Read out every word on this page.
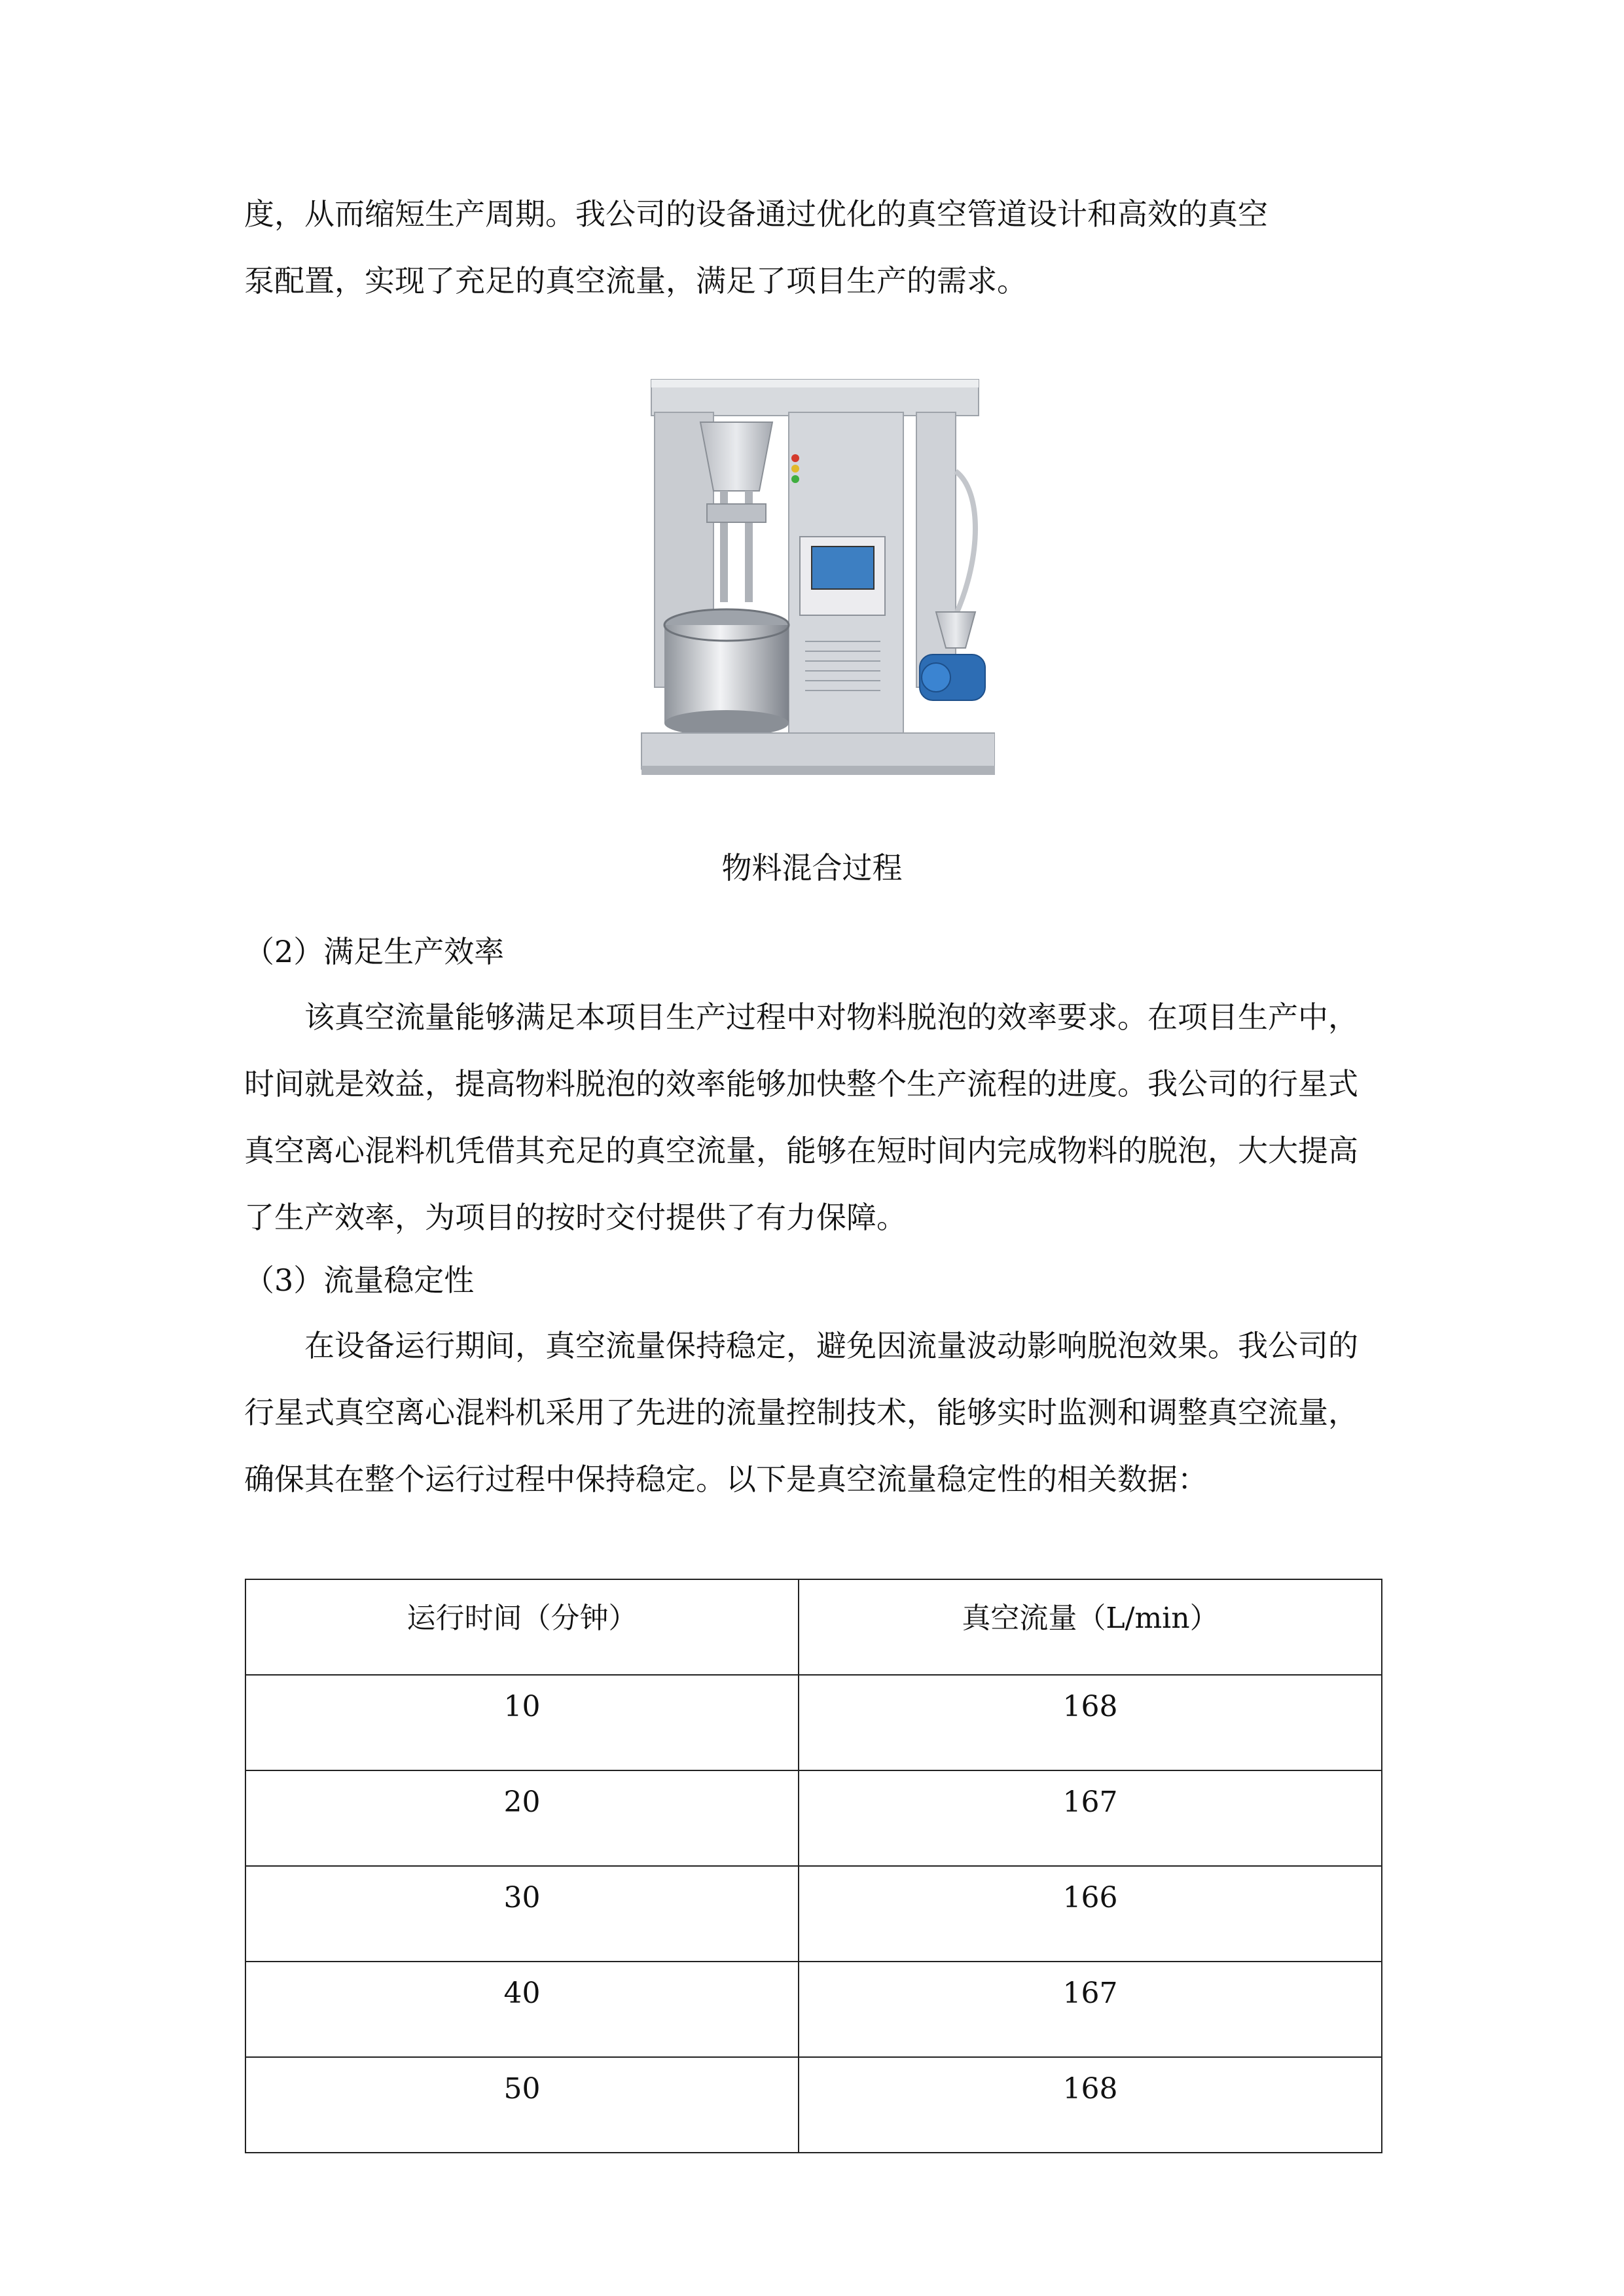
度，从而缩短生产周期。我公司的设备通过优化的真空管道设计和高效的真空

泵配置，实现了充足的真空流量，满足了项目生产的需求。

物料混合过程
（2）满足生产效率

该真空流量能够满足本项目生产过程中对物料脱泡的效率要求。在项目生产中，时间就是效益，提高物料脱泡的效率能够加快整个生产流程的进度。我公司的行星式真空离心混料机凭借其充足的真空流量，能够在短时间内完成物料的脱泡，大大提高了生产效率，为项目的按时交付提供了有力保障。

（3）流量稳定性

在设备运行期间，真空流量保持稳定，避免因流量波动影响脱泡效果。我公司的行星式真空离心混料机采用了先进的流量控制技术，能够实时监测和调整真空流量，确保其在整个运行过程中保持稳定。以下是真空流量稳定性的相关数据：

运行时间（分钟）	真空流量（L/min）
10	168
20	167
30	166
40	167
50	168
